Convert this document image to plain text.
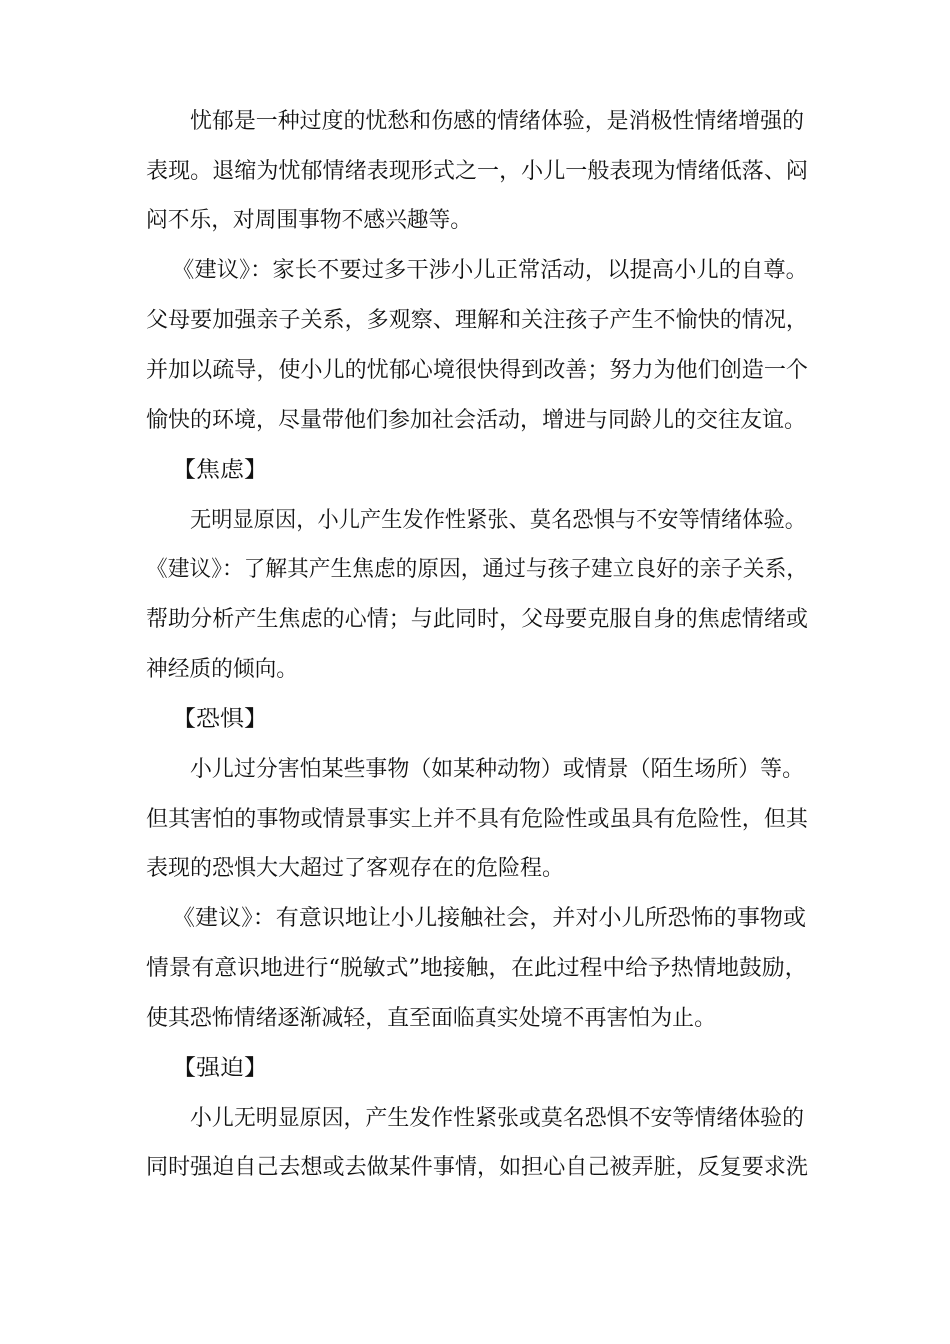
忧郁是一种过度的忧愁和伤感的情绪体验，是消极性情绪增强的
表现。退缩为忧郁情绪表现形式之一，小儿一般表现为情绪低落、闷
闷不乐，对周围事物不感兴趣等。
《建议》：家长不要过多干涉小儿正常活动，以提高小儿的自尊。
父母要加强亲子关系，多观察、理解和关注孩子产生不愉快的情况，
并加以疏导，使小儿的忧郁心境很快得到改善；努力为他们创造一个
愉快的环境，尽量带他们参加社会活动，增进与同龄儿的交往友谊。
【焦虑】
无明显原因，小儿产生发作性紧张、莫名恐惧与不安等情绪体验。
《建议》：了解其产生焦虑的原因，通过与孩子建立良好的亲子关系，
帮助分析产生焦虑的心情；与此同时，父母要克服自身的焦虑情绪或
神经质的倾向。
【恐惧】
小儿过分害怕某些事物（如某种动物）或情景（陌生场所）等。
但其害怕的事物或情景事实上并不具有危险性或虽具有危险性，但其
表现的恐惧大大超过了客观存在的危险程。
《建议》：有意识地让小儿接触社会，并对小儿所恐怖的事物或
情景有意识地进行“脱敏式”地接触，在此过程中给予热情地鼓励，
使其恐怖情绪逐渐减轻，直至面临真实处境不再害怕为止。
【强迫】
小儿无明显原因，产生发作性紧张或莫名恐惧不安等情绪体验的
同时强迫自己去想或去做某件事情，如担心自己被弄脏，反复要求洗
